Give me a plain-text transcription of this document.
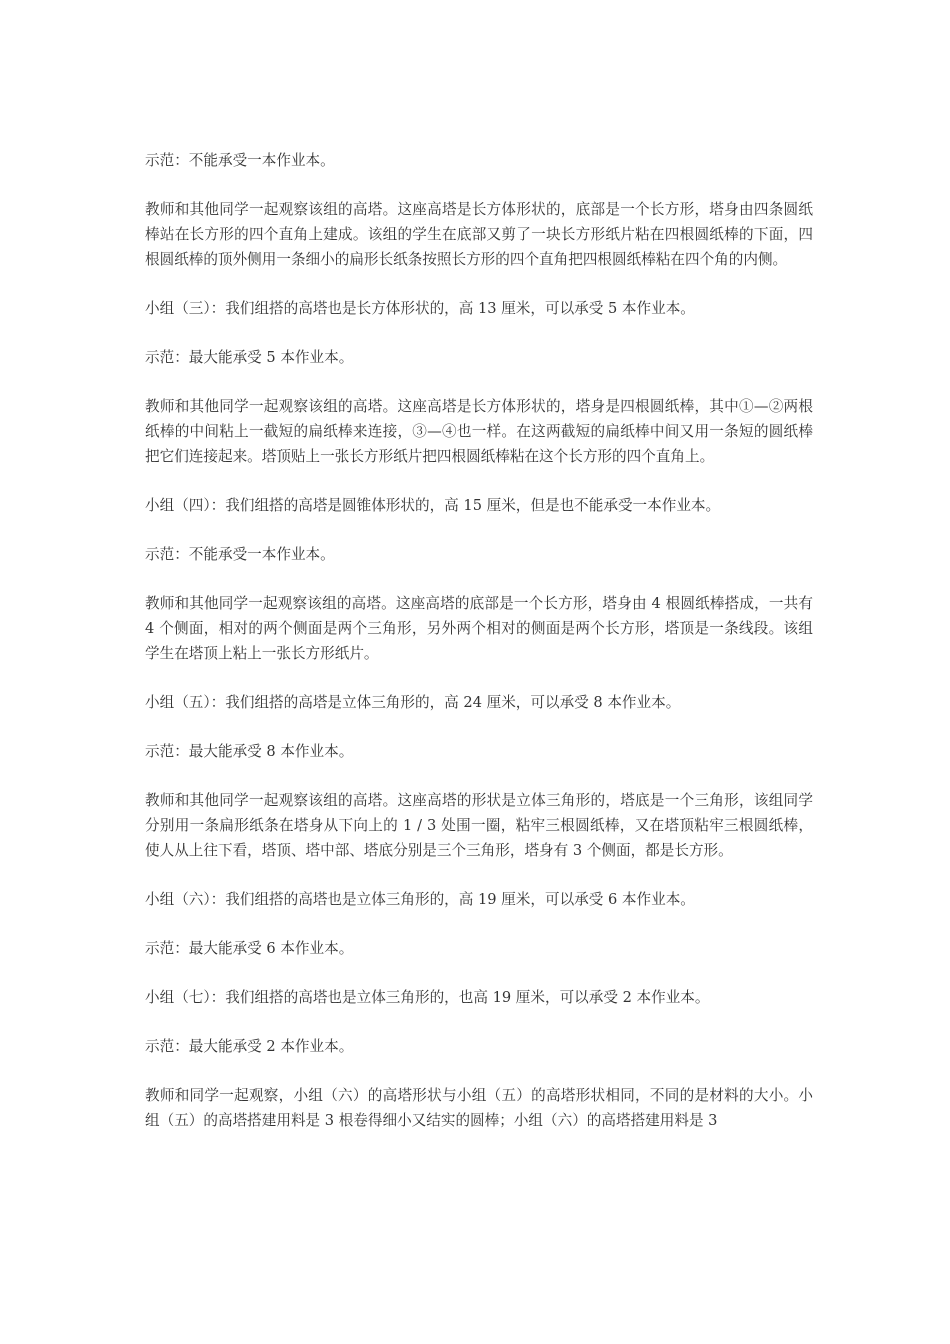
示范：不能承受一本作业本。

教师和其他同学一起观察该组的高塔。这座高塔是长方体形状的，底部是一个长方形，塔身由四条圆纸棒站在长方形的四个直角上建成。该组的学生在底部又剪了一块长方形纸片粘在四根圆纸棒的下面，四根圆纸棒的顶外侧用一条细小的扁形长纸条按照长方形的四个直角把四根圆纸棒粘在四个角的内侧。

小组（三）：我们组搭的高塔也是长方体形状的，高 13 厘米，可以承受 5 本作业本。

示范：最大能承受 5 本作业本。

教师和其他同学一起观察该组的高塔。这座高塔是长方体形状的，塔身是四根圆纸棒，其中①—②两根纸棒的中间粘上一截短的扁纸棒来连接，③—④也一样。在这两截短的扁纸棒中间又用一条短的圆纸棒把它们连接起来。塔顶贴上一张长方形纸片把四根圆纸棒粘在这个长方形的四个直角上。

小组（四）：我们组搭的高塔是圆锥体形状的，高 15 厘米，但是也不能承受一本作业本。

示范：不能承受一本作业本。

教师和其他同学一起观察该组的高塔。这座高塔的底部是一个长方形，塔身由 4 根圆纸棒搭成，一共有 4 个侧面，相对的两个侧面是两个三角形，另外两个相对的侧面是两个长方形，塔顶是一条线段。该组学生在塔顶上粘上一张长方形纸片。

小组（五）：我们组搭的高塔是立体三角形的，高 24 厘米，可以承受 8 本作业本。

示范：最大能承受 8 本作业本。

教师和其他同学一起观察该组的高塔。这座高塔的形状是立体三角形的，塔底是一个三角形，该组同学分别用一条扁形纸条在塔身从下向上的 1 / 3 处围一圈，粘牢三根圆纸棒，又在塔顶粘牢三根圆纸棒，使人从上往下看，塔顶、塔中部、塔底分别是三个三角形，塔身有 3 个侧面，都是长方形。

小组（六）：我们组搭的高塔也是立体三角形的，高 19 厘米，可以承受 6 本作业本。

示范：最大能承受 6 本作业本。

小组（七）：我们组搭的高塔也是立体三角形的，也高 19 厘米，可以承受 2 本作业本。

示范：最大能承受 2 本作业本。

教师和同学一起观察，小组（六）的高塔形状与小组（五）的高塔形状相同，不同的是材料的大小。小组（五）的高塔搭建用料是 3 根卷得细小又结实的圆棒；小组（六）的高塔搭建用料是 3
